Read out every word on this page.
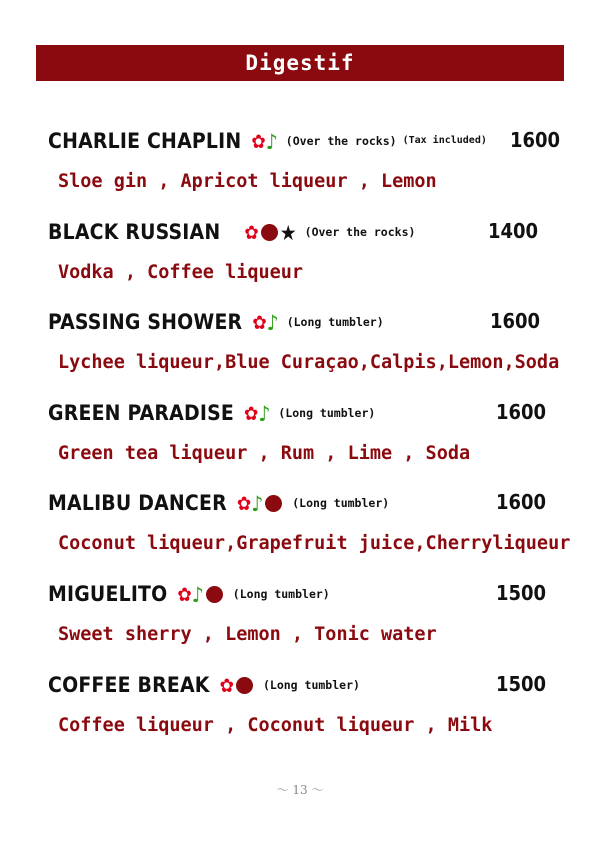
Digestif
CHARLIE CHAPLIN ✿♪ (Over the rocks) (Tax included) 1600
Sloe gin , Apricot liqueur , Lemon
BLACK RUSSIAN ✿ ★ (Over the rocks)	1400
Vodka , Coffee liqueur
PASSING SHOWER ✿♪ (Long tumbler)	1600
Lychee liqueur,Blue Curaçao,Calpis,Lemon,Soda
GREEN PARADISE ✿♪ (Long tumbler)	1600
Green tea liqueur , Rum , Lime , Soda
MALIBU DANCER ✿♪	(Long tumbler)	1600
Coconut liqueur,Grapefruit juice,Cherryliqueur
MIGUELITO ✿♪	(Long tumbler)	1500
Sweet sherry , Lemon , Tonic water
COFFEE BREAK ✿	(Long tumbler)	1500
Coffee liqueur , Coconut liqueur , Milk
～ 13 ～
